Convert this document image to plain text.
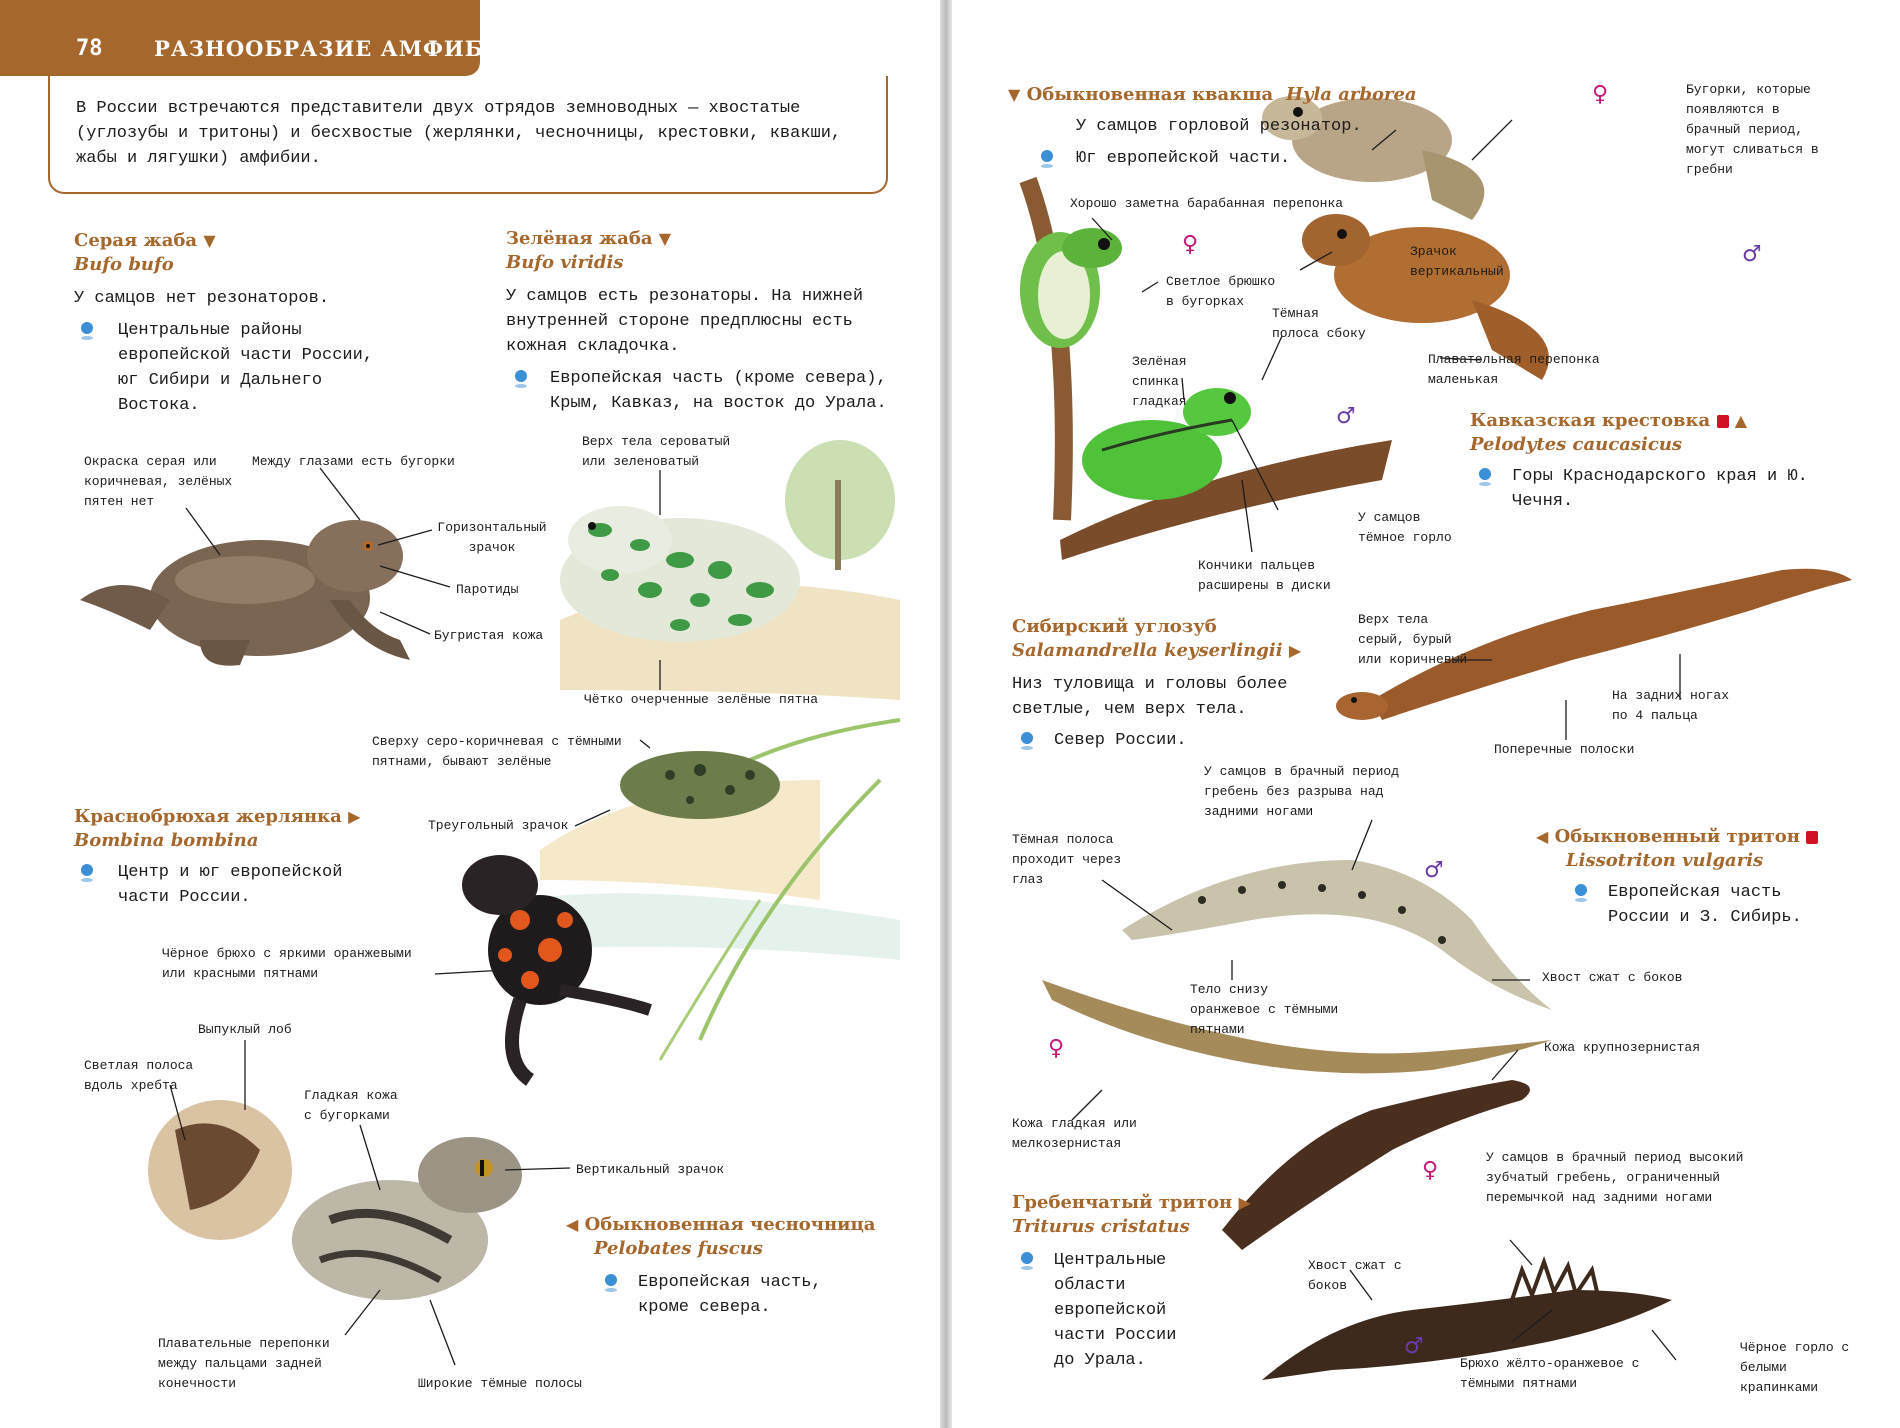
78 РАЗНООБРАЗИЕ АМФИБИЙ
В России встречаются представители двух отрядов земноводных — хвостатые (углозубы и тритоны) и бесхвостые (жерлянки, чесночницы, крестовки, квакши, жабы и лягушки) амфибии.
Серая жаба ▼
Bufo bufo
У самцов нет резонаторов.
Центральные районы европейской части России, юг Сибири и Дальнего Востока.
Окраска серая или коричневая, зелёных пятен нет
Между глазами есть бугорки
Горизонтальный зрачок
Паротиды
Бугристая кожа
Зелёная жаба ▼
Bufo viridis
У самцов есть резонаторы. На нижней внутренней стороне предплюсны есть кожная складочка.
Европейская часть (кроме севера), Крым, Кавказ, на восток до Урала.
Верх тела сероватый или зеленоватый
Чётко очерченные зелёные пятна
Сверху серо-коричневая с тёмными пятнами, бывают зелёные
Треугольный зрачок
Краснобрюхая жерлянка ▶
Bombina bombina
Центр и юг европейской части России.
Чёрное брюхо с яркими оранжевыми или красными пятнами
Выпуклый лоб
Светлая полоса вдоль хребта
Гладкая кожа с бугорками
Вертикальный зрачок
◀ Обыкновенная чесночница
Pelobates fuscus
Европейская часть, кроме севера.
Плавательные перепонки между пальцами задней конечности	Широкие тёмные полосы
▼ Обыкновенная квакша Hyla arborea
У самцов горловой резонатор.
Юг европейской части.
Хорошо заметна барабанная перепонка
Светлое брюшко в бугорках
Тёмная полоса сбоку
Зелёная спинка гладкая
У самцов тёмное горло
Кончики пальцев расширены в диски
♀
♂
♀	Бугорки, которые появляются в брачный период, могут сливаться в гребни
Зрачок вертикальный
♂
Плавательная перепонка маленькая
Кавказская крестовка ▲
Pelodytes caucasicus
Горы Краснодарского края и Ю. Чечня.
Сибирский углозуб
Salamandrella keyserlingii ▶
Низ туловища и головы более светлые, чем верх тела.
Север России.
Верх тела серый, бурый или коричневый
На задних ногах по 4 пальца
Поперечные полоски
У самцов в брачный период гребень без разрыва над задними ногами
Тёмная полоса проходит через глаз
◀ Обыкновенный тритон
Lissotriton vulgaris
Европейская часть России и З. Сибирь.
♂
Тело снизу оранжевое с тёмными пятнами
Хвост сжат с боков
♀
Кожа гладкая или мелкозернистая
Кожа крупнозернистая
Гребенчатый тритон ▶
Triturus cristatus
Центральные области европейской части России до Урала.
♀
У самцов в брачный период высокий зубчатый гребень, ограниченный перемычкой над задними ногами
Хвост сжат с боков
♂
Брюхо жёлто-оранжевое с тёмными пятнами
Чёрное горло с белыми крапинками
